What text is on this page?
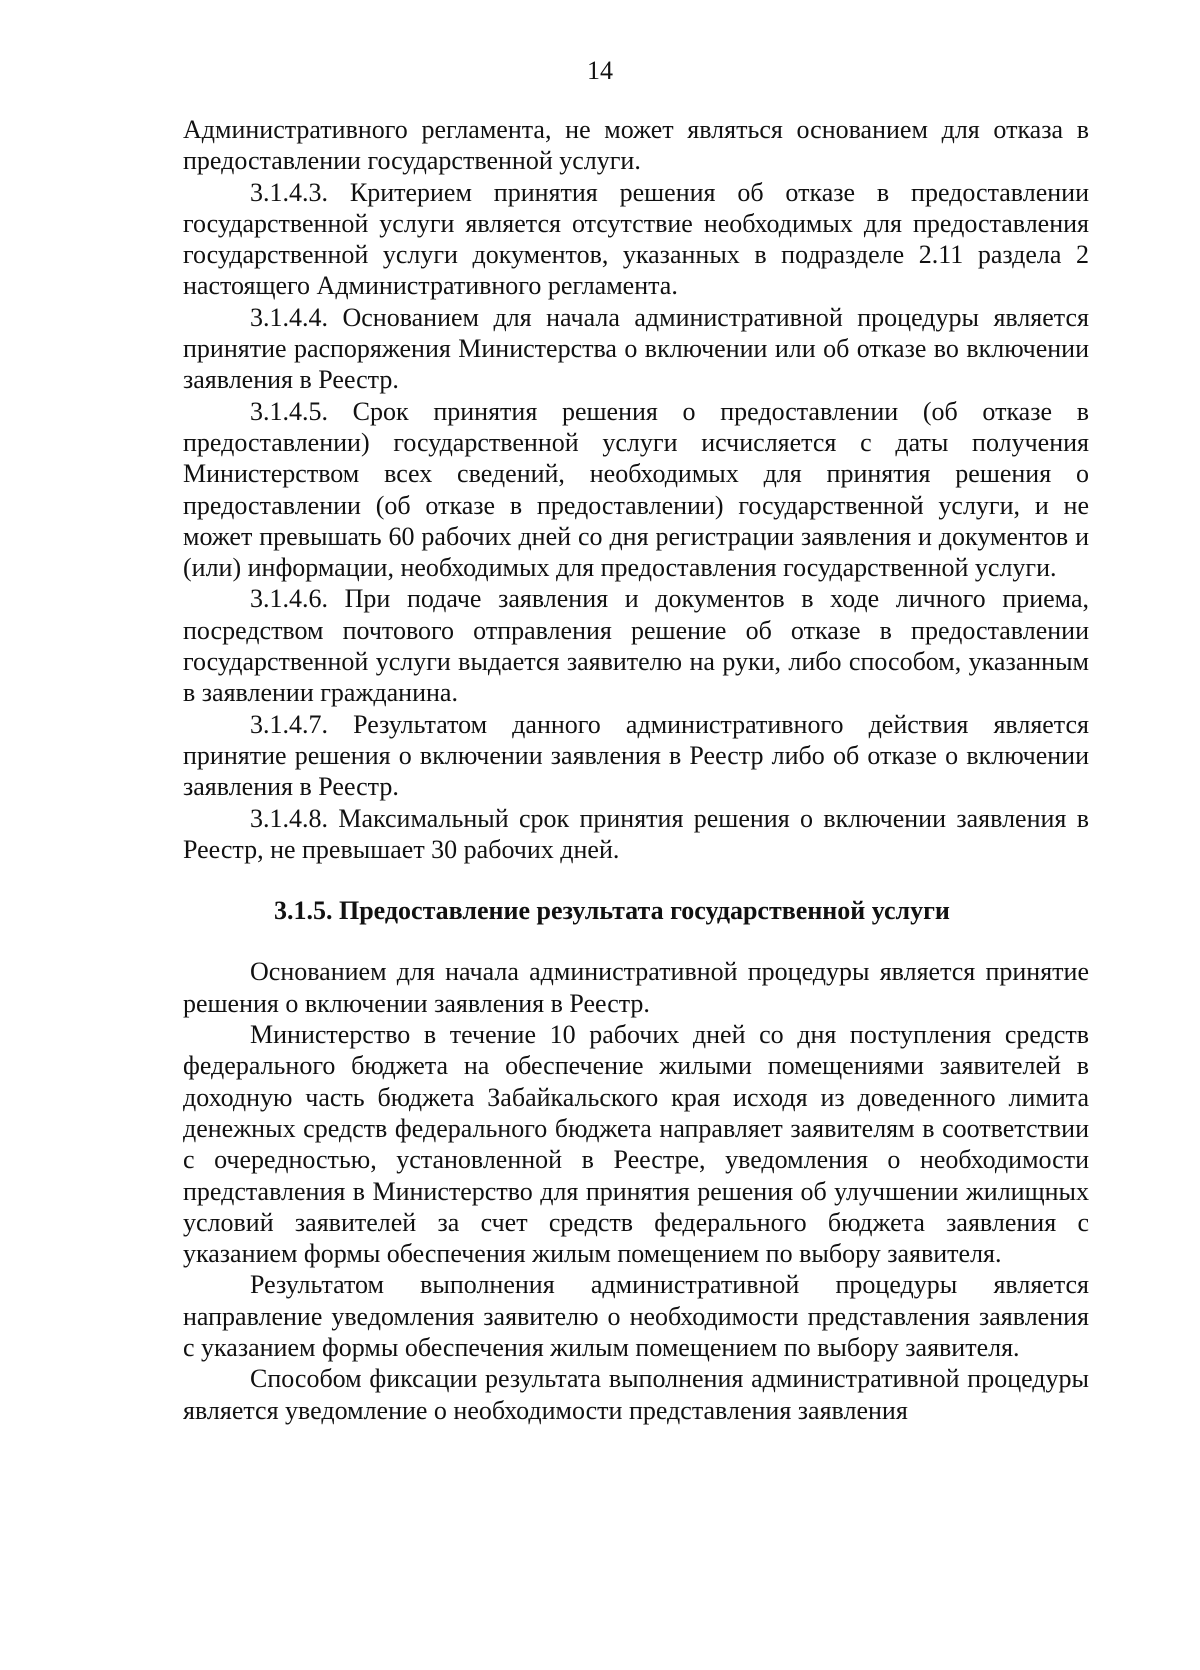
14

Административного регламента, не может являться основанием для отказа в предоставлении государственной услуги.

3.1.4.3. Критерием принятия решения об отказе в предоставлении государственной услуги является отсутствие необходимых для предоставления государственной услуги документов, указанных в подразделе 2.11 раздела 2 настоящего Административного регламента.

3.1.4.4. Основанием для начала административной процедуры является принятие распоряжения Министерства о включении или об отказе во включении заявления в Реестр.

3.1.4.5. Срок принятия решения о предоставлении (об отказе в предоставлении) государственной услуги исчисляется с даты получения Министерством всех сведений, необходимых для принятия решения о предоставлении (об отказе в предоставлении) государственной услуги, и не может превышать 60 рабочих дней со дня регистрации заявления и документов и (или) информации, необходимых для предоставления государственной услуги.

3.1.4.6. При подаче заявления и документов в ходе личного приема, посредством почтового отправления решение об отказе в предоставлении государственной услуги выдается заявителю на руки, либо способом, указанным в заявлении гражданина.

3.1.4.7. Результатом данного административного действия является принятие решения о включении заявления в Реестр либо об отказе о включении заявления в Реестр.

3.1.4.8. Максимальный срок принятия решения о включении заявления в Реестр, не превышает 30 рабочих дней.

3.1.5. Предоставление результата государственной услуги

Основанием для начала административной процедуры является принятие решения о включении заявления в Реестр.

Министерство в течение 10 рабочих дней со дня поступления средств федерального бюджета на обеспечение жилыми помещениями заявителей в доходную часть бюджета Забайкальского края исходя из доведенного лимита денежных средств федерального бюджета направляет заявителям в соответствии с очередностью, установленной в Реестре, уведомления о необходимости представления в Министерство для принятия решения об улучшении жилищных условий заявителей за счет средств федерального бюджета заявления с указанием формы обеспечения жилым помещением по выбору заявителя.

Результатом выполнения административной процедуры является направление уведомления заявителю о необходимости представления заявления с указанием формы обеспечения жилым помещением по выбору заявителя.

Способом фиксации результата выполнения административной процедуры является уведомление о необходимости представления заявления
